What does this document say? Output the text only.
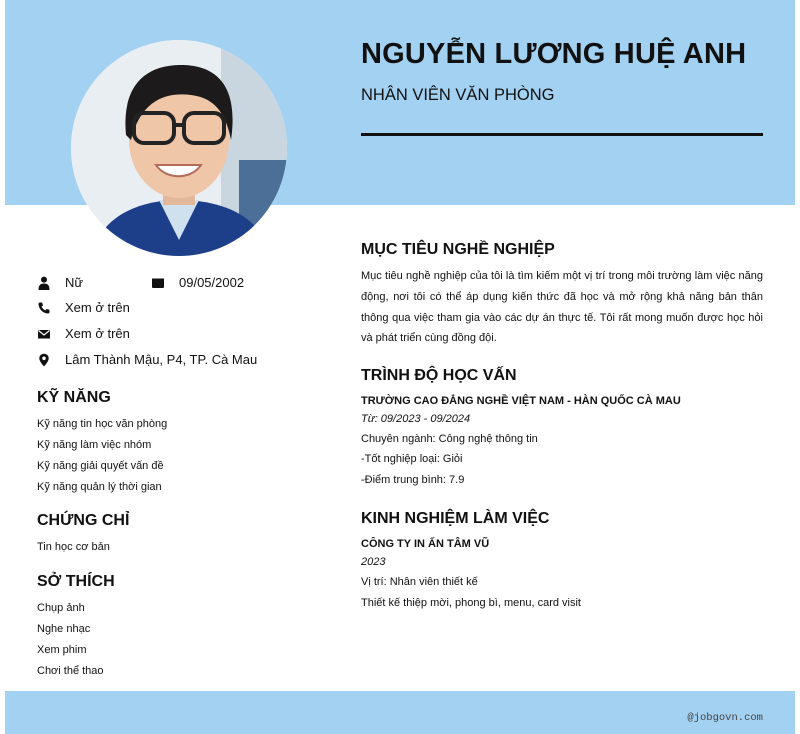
NGUYỄN LƯƠNG HUỆ ANH
NHÂN VIÊN VĂN PHÒNG
Nữ	09/05/2002
Xem ở trên
Xem ở trên
Lâm Thành Mậu, P4, TP. Cà Mau
KỸ NĂNG
Kỹ năng tin học văn phòng
Kỹ năng làm việc nhóm
Kỹ năng giải quyết vấn đề
Kỹ năng quản lý thời gian
CHỨNG CHỈ
Tin học cơ bản
SỞ THÍCH
Chụp ảnh
Nghe nhạc
Xem phim
Chơi thể thao
MỤC TIÊU NGHỀ NGHIỆP
Mục tiêu nghề nghiệp của tôi là tìm kiếm một vị trí trong môi trường làm việc năng động, nơi tôi có thể áp dụng kiến thức đã học và mở rộng khả năng bản thân thông qua việc tham gia vào các dự án thực tế. Tôi rất mong muốn được học hỏi và phát triển cùng đồng đội.
TRÌNH ĐỘ HỌC VẤN
TRƯỜNG CAO ĐẲNG NGHỀ VIỆT NAM - HÀN QUỐC CÀ MAU
Từ: 09/2023 - 09/2024
Chuyên ngành: Công nghệ thông tin
-Tốt nghiệp loại: Giỏi
-Điểm trung bình: 7.9
KINH NGHIỆM LÀM VIỆC
CÔNG TY IN ẤN TÂM VŨ
2023
Vị trí: Nhân viên thiết kế
Thiết kế thiệp mời, phong bì, menu, card visit
@jobgovn.com
